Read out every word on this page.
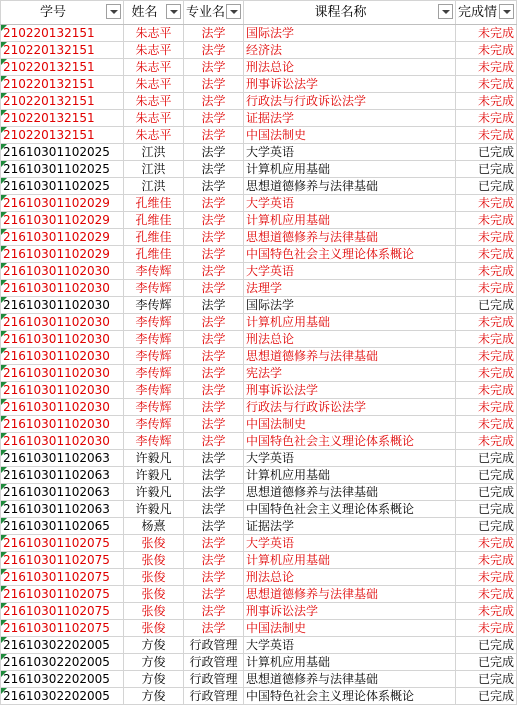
学号	姓名	专业名	课程名称	完成情

210220132151	朱志平	法学	国际法学	未完成
210220132151	朱志平	法学	经济法	未完成
210220132151	朱志平	法学	刑法总论	未完成
210220132151	朱志平	法学	刑事诉讼法学	未完成
210220132151	朱志平	法学	行政法与行政诉讼法学	未完成
210220132151	朱志平	法学	证据法学	未完成
210220132151	朱志平	法学	中国法制史	未完成
21610301102025	江洪	法学	大学英语	已完成
21610301102025	江洪	法学	计算机应用基础	已完成
21610301102025	江洪	法学	思想道德修养与法律基础	已完成
21610301102029	孔维佳	法学	大学英语	未完成
21610301102029	孔维佳	法学	计算机应用基础	未完成
21610301102029	孔维佳	法学	思想道德修养与法律基础	未完成
21610301102029	孔维佳	法学	中国特色社会主义理论体系概论	未完成
21610301102030	李传辉	法学	大学英语	未完成
21610301102030	李传辉	法学	法理学	未完成
21610301102030	李传辉	法学	国际法学	已完成
21610301102030	李传辉	法学	计算机应用基础	未完成
21610301102030	李传辉	法学	刑法总论	未完成
21610301102030	李传辉	法学	思想道德修养与法律基础	未完成
21610301102030	李传辉	法学	宪法学	未完成
21610301102030	李传辉	法学	刑事诉讼法学	未完成
21610301102030	李传辉	法学	行政法与行政诉讼法学	未完成
21610301102030	李传辉	法学	中国法制史	未完成
21610301102030	李传辉	法学	中国特色社会主义理论体系概论	未完成
21610301102063	许毅凡	法学	大学英语	已完成
21610301102063	许毅凡	法学	计算机应用基础	已完成
21610301102063	许毅凡	法学	思想道德修养与法律基础	已完成
21610301102063	许毅凡	法学	中国特色社会主义理论体系概论	已完成
21610301102065	杨熹	法学	证据法学	已完成
21610301102075	张俊	法学	大学英语	未完成
21610301102075	张俊	法学	计算机应用基础	未完成
21610301102075	张俊	法学	刑法总论	未完成
21610301102075	张俊	法学	思想道德修养与法律基础	未完成
21610301102075	张俊	法学	刑事诉讼法学	未完成
21610301102075	张俊	法学	中国法制史	未完成
21610302202005	方俊	行政管理	大学英语	已完成
21610302202005	方俊	行政管理	计算机应用基础	已完成
21610302202005	方俊	行政管理	思想道德修养与法律基础	已完成
21610302202005	方俊	行政管理	中国特色社会主义理论体系概论	已完成
